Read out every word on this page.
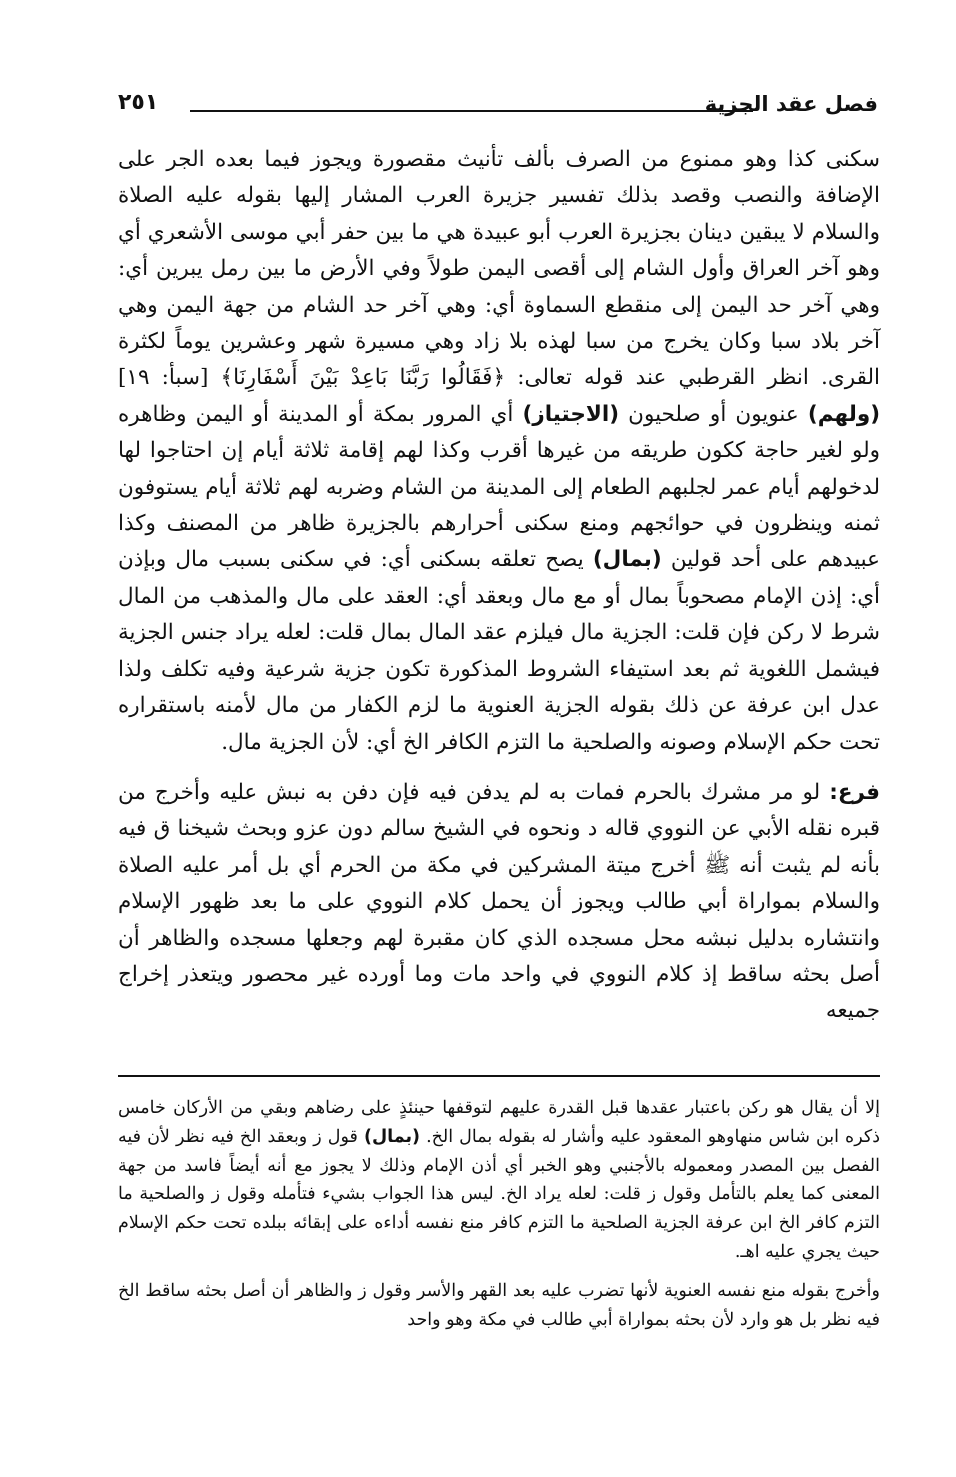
فصل عقد الجزية
٢٥١

سكنى كذا وهو ممنوع من الصرف بألف تأنيث مقصورة ويجوز فيما بعده الجر على الإضافة والنصب وقصد بذلك تفسير جزيرة العرب المشار إليها بقوله عليه الصلاة والسلام لا يبقين دينان بجزيرة العرب أبو عبيدة هي ما بين حفر أبي موسى الأشعري أي وهو آخر العراق وأول الشام إلى أقصى اليمن طولاً وفي الأرض ما بين رمل يبرين أي: وهي آخر حد اليمن إلى منقطع السماوة أي: وهي آخر حد الشام من جهة اليمن وهي آخر بلاد سبا وكان يخرج من سبا لهذه بلا زاد وهي مسيرة شهر وعشرين يوماً لكثرة القرى. انظر القرطبي عند قوله تعالى: ﴿فَقَالُوا رَبَّنَا بَاعِدْ بَيْنَ أَسْفَارِنَا﴾ [سبأ: ١٩] (ولهم) عنويون أو صلحيون (الاجتياز) أي المرور بمكة أو المدينة أو اليمن وظاهره ولو لغير حاجة ككون طريقه من غيرها أقرب وكذا لهم إقامة ثلاثة أيام إن احتاجوا لها لدخولهم أيام عمر لجلبهم الطعام إلى المدينة من الشام وضربه لهم ثلاثة أيام يستوفون ثمنه وينظرون في حوائجهم ومنع سكنى أحرارهم بالجزيرة ظاهر من المصنف وكذا عبيدهم على أحد قولين (بمال) يصح تعلقه بسكنى أي: في سكنى بسبب مال وبإذن أي: إذن الإمام مصحوباً بمال أو مع مال وبعقد أي: العقد على مال والمذهب من المال شرط لا ركن فإن قلت: الجزية مال فيلزم عقد المال بمال قلت: لعله يراد جنس الجزية فيشمل اللغوية ثم بعد استيفاء الشروط المذكورة تكون جزية شرعية وفيه تكلف ولذا عدل ابن عرفة عن ذلك بقوله الجزية العنوية ما لزم الكفار من مال لأمنه باستقراره تحت حكم الإسلام وصونه والصلحية ما التزم الكافر الخ أي: لأن الجزية مال.

فرع: لو مر مشرك بالحرم فمات به لم يدفن فيه فإن دفن به نبش عليه وأخرج من قبره نقله الأبي عن النووي قاله د ونحوه في الشيخ سالم دون عزو وبحث شيخنا ق فيه بأنه لم يثبت أنه ﷺ أخرج ميتة المشركين في مكة من الحرم أي بل أمر عليه الصلاة والسلام بمواراة أبي طالب ويجوز أن يحمل كلام النووي على ما بعد ظهور الإسلام وانتشاره بدليل نبشه محل مسجده الذي كان مقبرة لهم وجعلها مسجده والظاهر أن أصل بحثه ساقط إذ كلام النووي في واحد مات وما أورده غير محصور ويتعذر إخراج جميعه

إلا أن يقال هو ركن باعتبار عقدها قبل القدرة عليهم لتوقفها حينئذٍ على رضاهم وبقي من الأركان خامس ذكره ابن شاس منهاوهو المعقود عليه وأشار له بقوله بمال الخ. (بمال) قول ز وبعقد الخ فيه نظر لأن فيه الفصل بين المصدر ومعموله بالأجنبي وهو الخبر أي أذن الإمام وذلك لا يجوز مع أنه أيضاً فاسد من جهة المعنى كما يعلم بالتأمل وقول ز قلت: لعله يراد الخ. ليس هذا الجواب بشيء فتأمله وقول ز والصلحية ما التزم كافر الخ ابن عرفة الجزية الصلحية ما التزم كافر منع نفسه أداءه على إبقائه ببلده تحت حكم الإسلام حيث يجري عليه اهـ.

وأخرج بقوله منع نفسه العنوية لأنها تضرب عليه بعد القهر والأسر وقول ز والظاهر أن أصل بحثه ساقط الخ فيه نظر بل هو وارد لأن بحثه بمواراة أبي طالب في مكة وهو واحد
